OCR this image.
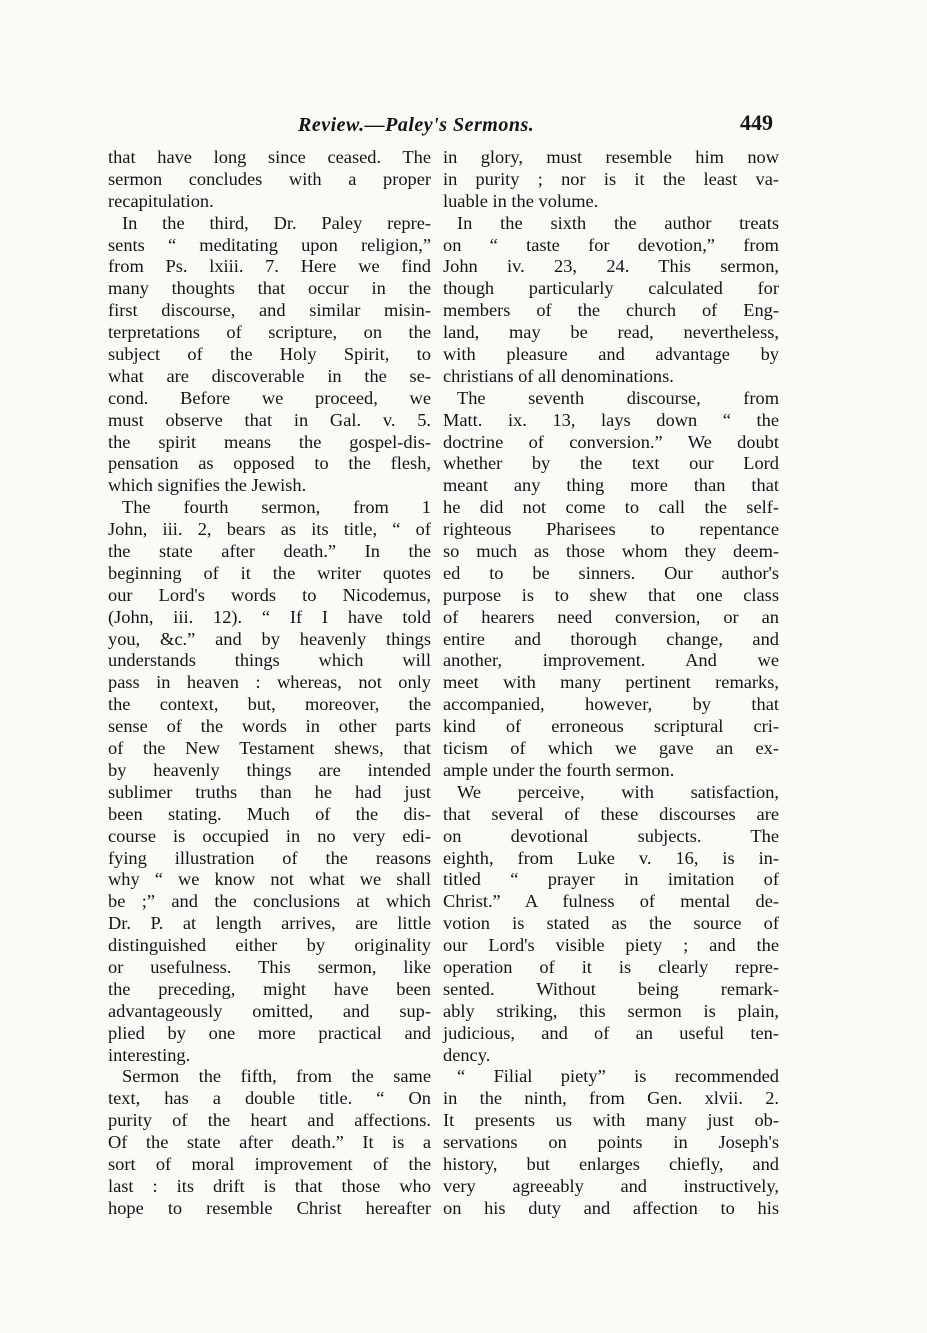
Review.—Paley's Sermons.	449
that have long since ceased. The
sermon concludes with a proper
recapitulation.
In the third, Dr. Paley repre-
sents “ meditating upon religion,”
from Ps. lxiii. 7. Here we find
many thoughts that occur in the
first discourse, and similar misin-
terpretations of scripture, on the
subject of the Holy Spirit, to
what are discoverable in the se-
cond. Before we proceed, we
must observe that in Gal. v. 5.
the spirit means the gospel-dis-
pensation as opposed to the flesh,
which signifies the Jewish.
The fourth sermon, from 1
John, iii. 2, bears as its title, “ of
the state after death.” In the
beginning of it the writer quotes
our Lord's words to Nicodemus,
(John, iii. 12). “ If I have told
you, &c.” and by heavenly things
understands things which will
pass in heaven : whereas, not only
the context, but, moreover, the
sense of the words in other parts
of the New Testament shews, that
by heavenly things are intended
sublimer truths than he had just
been stating. Much of the dis-
course is occupied in no very edi-
fying illustration of the reasons
why “ we know not what we shall
be ;” and the conclusions at which
Dr. P. at length arrives, are little
distinguished either by originality
or usefulness. This sermon, like
the preceding, might have been
advantageously omitted, and sup-
plied by one more practical and
interesting.
Sermon the fifth, from the same
text, has a double title. “ On
purity of the heart and affections.
Of the state after death.” It is a
sort of moral improvement of the
last : its drift is that those who
hope to resemble Christ hereafter
in glory, must resemble him now
in purity ; nor is it the least va-
luable in the volume.
In the sixth the author treats
on “ taste for devotion,” from
John iv. 23, 24. This sermon,
though particularly calculated for
members of the church of Eng-
land, may be read, nevertheless,
with pleasure and advantage by
christians of all denominations.
The seventh discourse, from
Matt. ix. 13, lays down “ the
doctrine of conversion.” We doubt
whether by the text our Lord
meant any thing more than that
he did not come to call the self-
righteous Pharisees to repentance
so much as those whom they deem-
ed to be sinners. Our author's
purpose is to shew that one class
of hearers need conversion, or an
entire and thorough change, and
another, improvement. And we
meet with many pertinent remarks,
accompanied, however, by that
kind of erroneous scriptural cri-
ticism of which we gave an ex-
ample under the fourth sermon.
We perceive, with satisfaction,
that several of these discourses are
on devotional subjects. The
eighth, from Luke v. 16, is in-
titled “ prayer in imitation of
Christ.” A fulness of mental de-
votion is stated as the source of
our Lord's visible piety ; and the
operation of it is clearly repre-
sented. Without being remark-
ably striking, this sermon is plain,
judicious, and of an useful ten-
dency.
“ Filial piety” is recommended
in the ninth, from Gen. xlvii. 2.
It presents us with many just ob-
servations on points in Joseph's
history, but enlarges chiefly, and
very agreeably and instructively,
on his duty and affection to his
